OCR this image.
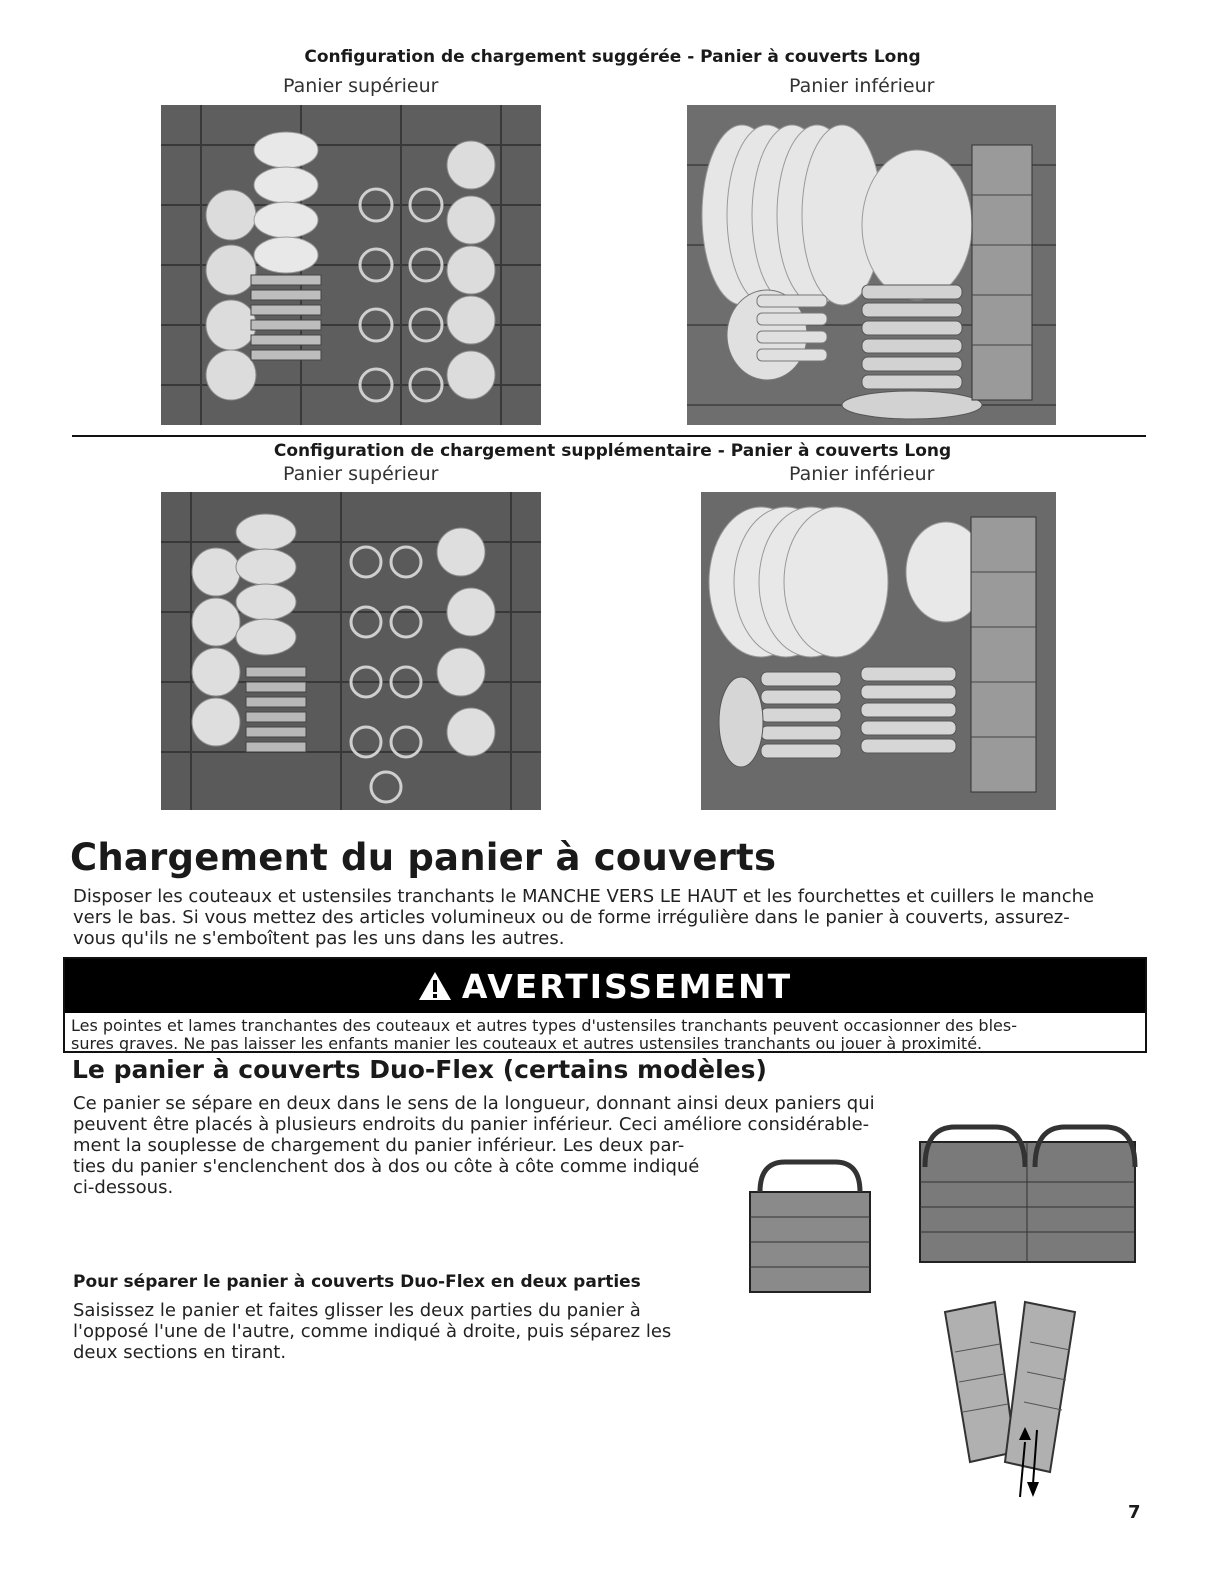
Configuration de chargement suggérée - Panier à couverts Long
Panier supérieur	Panier inférieur
Configuration de chargement supplémentaire - Panier à couverts Long
Panier supérieur	Panier inférieur
Chargement du panier à couverts
Disposer les couteaux et ustensiles tranchants le MANCHE VERS LE HAUT et les fourchettes et cuillers le manche
vers le bas. Si vous mettez des articles volumineux ou de forme irrégulière dans le panier à couverts, assurez-
vous qu'ils ne s'emboîtent pas les uns dans les autres.
AVERTISSEMENT
Les pointes et lames tranchantes des couteaux et autres types d'ustensiles tranchants peuvent occasionner des bles-
sures graves. Ne pas laisser les enfants manier les couteaux et autres ustensiles tranchants ou jouer à proximité.
Le panier à couverts Duo-Flex (certains modèles)
Ce panier se sépare en deux dans le sens de la longueur, donnant ainsi deux paniers qui
peuvent être placés à plusieurs endroits du panier inférieur. Ceci améliore considérable-
ment la souplesse de chargement du panier inférieur. Les deux par-
ties du panier s'enclenchent dos à dos ou côte à côte comme indiqué
ci-dessous.
Pour séparer le panier à couverts Duo-Flex en deux parties
Saisissez le panier et faites glisser les deux parties du panier à
l'opposé l'une de l'autre, comme indiqué à droite, puis séparez les
deux sections en tirant.
7
